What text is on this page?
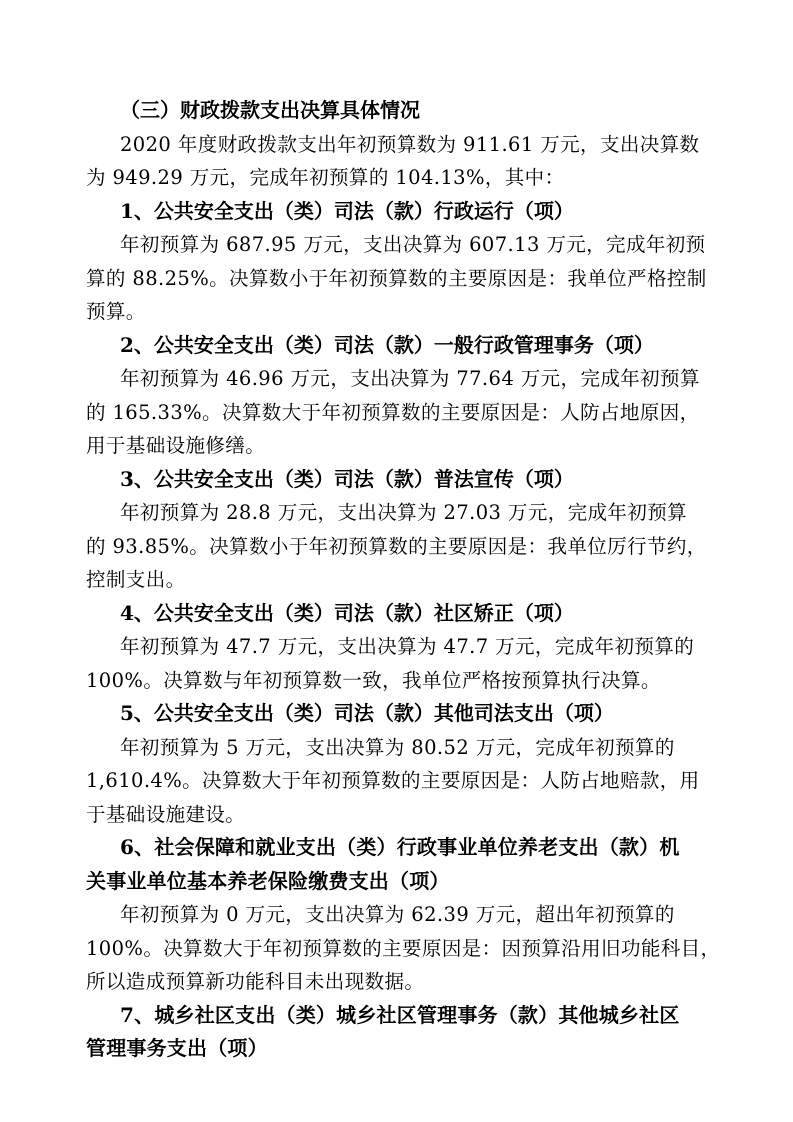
（三）财政拨款支出决算具体情况
2020 年度财政拨款支出年初预算数为 911.61 万元，支出决算数
为 949.29 万元，完成年初预算的 104.13%，其中：
1、公共安全支出（类）司法（款）行政运行（项）
年初预算为 687.95 万元，支出决算为 607.13 万元，完成年初预
算的 88.25%。决算数小于年初预算数的主要原因是：我单位严格控制
预算。
2、公共安全支出（类）司法（款）一般行政管理事务（项）
年初预算为 46.96 万元，支出决算为 77.64 万元，完成年初预算
的 165.33%。决算数大于年初预算数的主要原因是：人防占地原因，
用于基础设施修缮。
3、公共安全支出（类）司法（款）普法宣传（项）
年初预算为 28.8 万元，支出决算为 27.03 万元，完成年初预算
的 93.85%。决算数小于年初预算数的主要原因是：我单位厉行节约，
控制支出。
4、公共安全支出（类）司法（款）社区矫正（项）
年初预算为 47.7 万元，支出决算为 47.7 万元，完成年初预算的
100%。决算数与年初预算数一致，我单位严格按预算执行决算。
5、公共安全支出（类）司法（款）其他司法支出（项）
年初预算为 5 万元，支出决算为 80.52 万元，完成年初预算的
1,610.4%。决算数大于年初预算数的主要原因是：人防占地赔款，用
于基础设施建设。
6、社会保障和就业支出（类）行政事业单位养老支出（款）机
关事业单位基本养老保险缴费支出（项）
年初预算为 0 万元，支出决算为 62.39 万元，超出年初预算的
100%。决算数大于年初预算数的主要原因是：因预算沿用旧功能科目，
所以造成预算新功能科目未出现数据。
7、城乡社区支出（类）城乡社区管理事务（款）其他城乡社区
管理事务支出（项）
